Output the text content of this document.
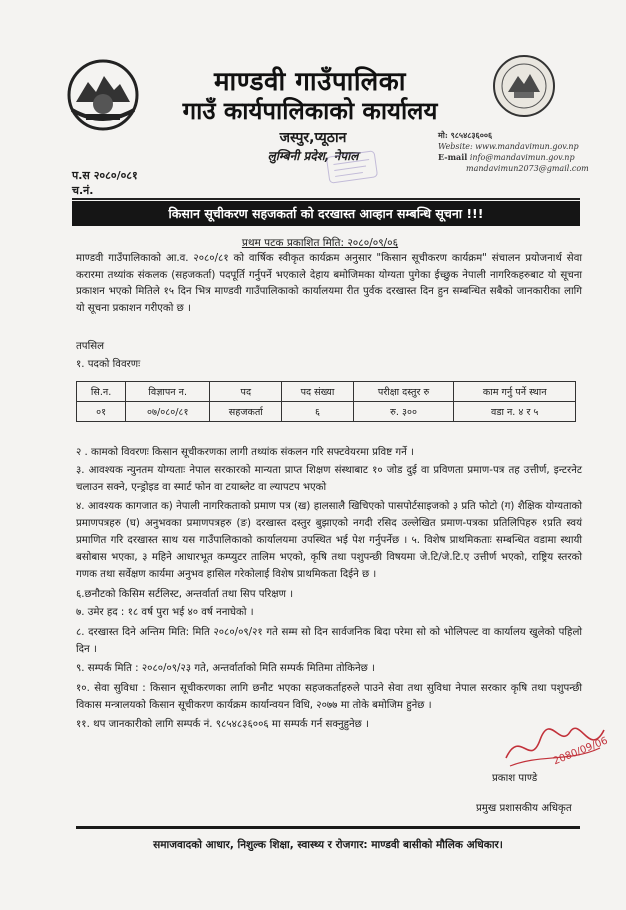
माण्डवी गाउँपालिका
गाउँ कार्यपालिकाको कार्यालय
जस्पुर,प्यूठान
लुम्बिनी प्रदेश, नेपाल
मो: ९८५४८३६००६
Website: www.mandavimun.gov.np
E-mail info@mandavimun.gov.np
mandavimun2073@gmail.com
प.स २०८०/०८१
च.नं.
किसान सूचीकरण सहजकर्ता को दरखास्त आव्हान सम्बन्धि सूचना !!!
प्रथम पटक प्रकाशित मिति: २०८०/०९/०६
माण्डवी गाउँपालिकाको आ.व. २०८०/८१ को वार्षिक स्वीकृत कार्यक्रम अनुसार "किसान सूचीकरण कार्यक्रम" संचालन प्रयोजनार्थ सेवा करारमा तथ्यांक संकलक (सहजकर्ता) पदपूर्ति गर्नुपर्ने भएकाले देहाय बमोजिमका योग्यता पुगेका ईच्छुक नेपाली नागरिकहरुबाट यो सूचना प्रकाशन भएको मितिले १५ दिन भित्र माण्डवी गाउँपालिकाको कार्यालयमा रीत पुर्वक दरखास्त दिन हुन सम्बन्धित सबैको जानकारीका लागि यो सूचना प्रकाशन गरीएको छ ।
तपसिल
१. पदको विवरणः
सि.न.	विज्ञापन न.	पद	पद संख्या	परीक्षा दस्तुर रु	काम गर्नु पर्ने स्थान
०१	०७/०८०/८१	सहजकर्ता	६	रु. ३००	वडा न. ४ र ५
२ . कामको विवरणः किसान सूचीकरणका लागी तथ्यांक संकलन गरि सफ्टवेयरमा प्रविष्ट गर्ने ।
३. आवश्यक न्युनतम योग्यताः नेपाल सरकारको मान्यता प्राप्त शिक्षण संस्थाबाट १० जोड दुई वा प्रविणता प्रमाण-पत्र तह उत्तीर्ण, इन्टरनेट चलाउन सक्ने, एन्ड्रोइड वा स्मार्ट फोन वा टयाब्लेट वा ल्यापटप भएको
४. आवश्यक कागजात क) नेपाली नागरिकताको प्रमाण पत्र (ख) हालसालै खिचिएको पासपोर्टसाइजको ३ प्रति फोटो (ग) शैक्षिक योग्यताको प्रमाणपत्रहरु (घ) अनुभवका प्रमाणपत्रहरु (ङ) दरखास्त दस्तुर बुझाएको नगदी रसिद उल्लेखित प्रमाण-पत्रका प्रतिलिपिहरु १प्रति स्वयं प्रमाणित गरि दरखास्त साथ यस गाउँपालिकाको कार्यालयमा उपस्थित भई पेश गर्नुपर्नेछ । ५. विशेष प्राथमिकताः सम्बन्धित वडामा स्थायी बसोबास भएका, ३ महिने आधारभूत कम्प्युटर तालिम भएको, कृषि तथा पशुपन्छी विषयमा जे.टि/जे.टि.ए उत्तीर्ण भएको, राष्ट्रिय स्तरको गणक तथा सर्वेक्षण कार्यमा अनुभव हासिल गरेकोलाई विशेष प्राथमिकता दिईने छ ।
६.छनौटको किसिम सर्टलिस्ट, अन्तर्वार्ता तथा सिप परिक्षण ।
७. उमेर हद : १८ वर्ष पुरा भई ४० वर्ष ननाघेको ।
८. दरखास्त दिने अन्तिम मिति: मिति २०८०/०९/२१ गते सम्म सो दिन सार्वजनिक बिदा परेमा सो को भोलिपल्ट वा कार्यालय खुलेको पहिलो दिन ।
९. सम्पर्क मिति : २०८०/०९/२३ गते, अन्तर्वार्ताको मिति सम्पर्क मितिमा तोकिनेछ ।
१०. सेवा सुविधा : किसान सूचीकरणका लागि छनौट भएका सहजकर्ताहरुले पाउने सेवा तथा सुविधा नेपाल सरकार कृषि तथा पशुपन्छी विकास मन्त्रालयको किसान सूचीकरण कार्यक्रम कार्यान्वयन विधि, २०७७ मा तोके बमोजिम हुनेछ ।
११. थप जानकारीको लागि सम्पर्क नं. ९८५४८३६००६ मा सम्पर्क गर्न सक्नुहुनेछ ।
2080/09/06
प्रकाश पाण्डे
प्रमुख प्रशासकीय अधिकृत
समाजवादको आधार, निशुल्क शिक्षा, स्वास्थ्य र रोजगार: माण्डवी बासीको मौलिक अधिकार।
